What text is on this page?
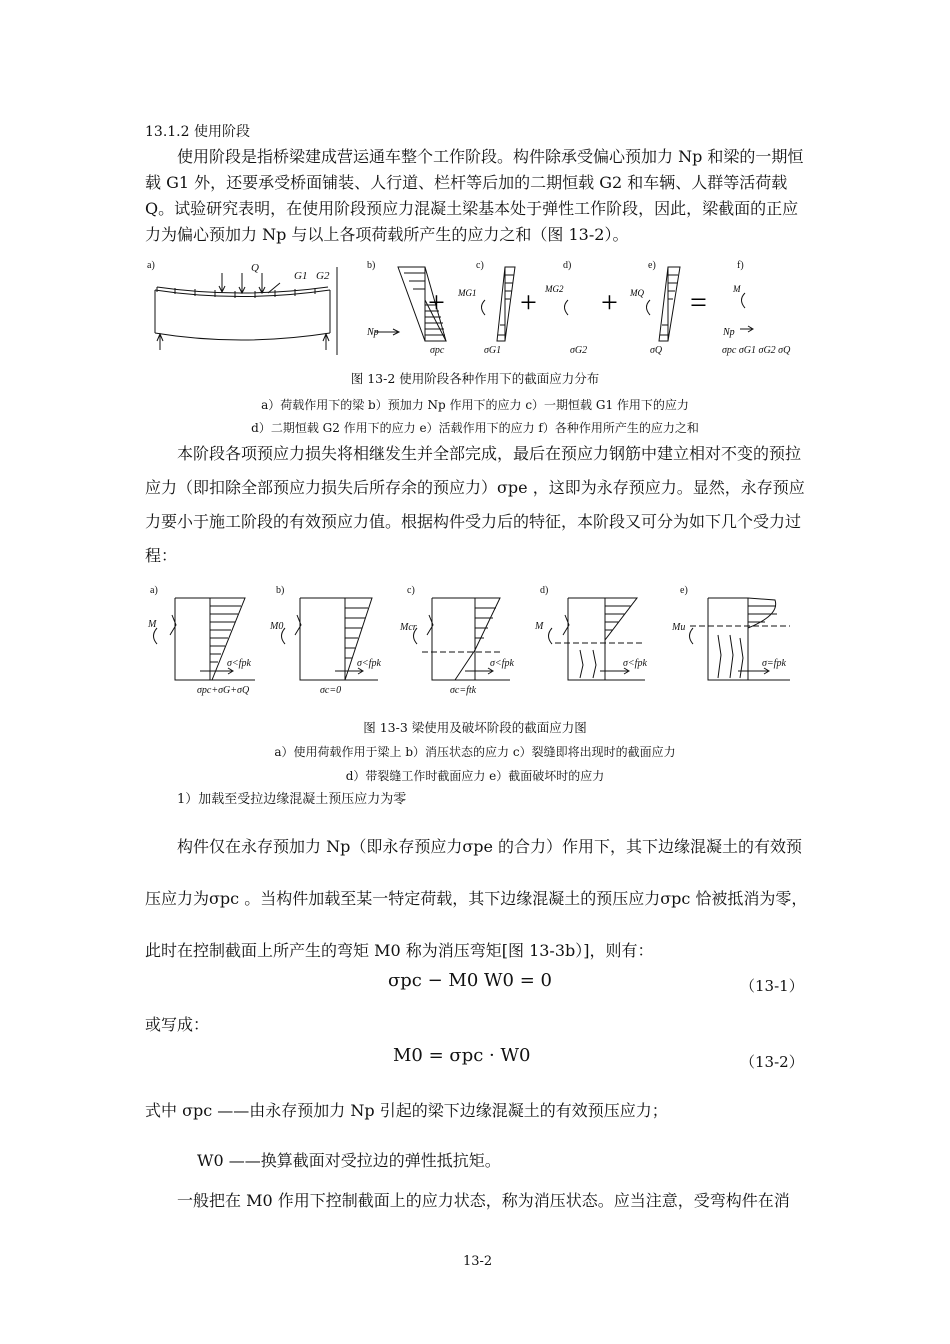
13.1.2 使用阶段
使用阶段是指桥梁建成营运通车整个工作阶段。构件除承受偏心预加力 Np 和梁的一期恒载 G1 外，还要承受桥面铺装、人行道、栏杆等后加的二期恒载 G2 和车辆、人群等活荷载 Q。试验研究表明，在使用阶段预应力混凝土梁基本处于弹性工作阶段，因此，梁截面的正应力为偏心预加力 Np 与以上各项荷载所产生的应力之和（图 13-2）。
a)	b)	c)	d)	e)	f)
Q
G1 G2
Np
+ MG1 + MG2 + MQ =	M
Np
σpc	σG1	σG2	σQ	σpc σG1 σG2 σQ
图 13-2 使用阶段各种作用下的截面应力分布
a）荷载作用下的梁 b）预加力 Np 作用下的应力 c）一期恒载 G1 作用下的应力
d）二期恒载 G2 作用下的应力 e）活载作用下的应力 f）各种作用所产生的应力之和
本阶段各项预应力损失将相继发生并全部完成，最后在预应力钢筋中建立相对不变的预拉应力（即扣除全部预应力损失后所存余的预应力）σpe ，这即为永存预应力。显然，永存预应力要小于施工阶段的有效预应力值。根据构件受力后的特征，本阶段又可分为如下几个受力过程：
a)	b)	c)	d)	e)
M	M0	Mcr	M	Mu
σ<fpk	σ<fpk	σ<fpk	σ<fpk	σ=fpk
σpc+σG+σQ	σc=0	σc=ftk
图 13-3 梁使用及破坏阶段的截面应力图
a）使用荷载作用于梁上 b）消压状态的应力 c）裂缝即将出现时的截面应力
d）带裂缝工作时截面应力 e）截面破坏时的应力
1）加载至受拉边缘混凝土预压应力为零
构件仅在永存预加力 Np（即永存预应力σpe 的合力）作用下，其下边缘混凝土的有效预压应力为σpc 。当构件加载至某一特定荷载，其下边缘混凝土的预压应力σpc 恰被抵消为零，此时在控制截面上所产生的弯矩 M0 称为消压弯矩[图 13-3b）]，则有：
σpc − M0 W0 = 0	（13-1）
或写成：
M0 = σpc · W0	（13-2）
式中 σpc ——由永存预加力 Np 引起的梁下边缘混凝土的有效预压应力；
W0 ——换算截面对受拉边的弹性抵抗矩。
一般把在 M0 作用下控制截面上的应力状态，称为消压状态。应当注意，受弯构件在消
13-2
